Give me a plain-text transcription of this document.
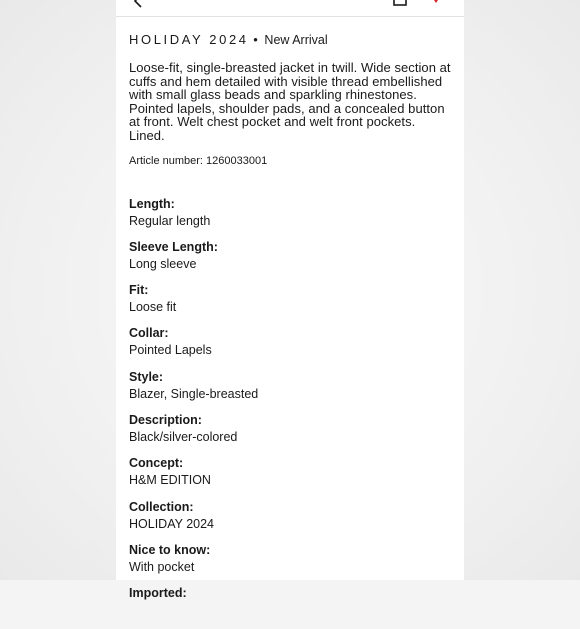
HOLIDAY 2024 • New Arrival

Loose-fit, single-breasted jacket in twill. Wide section at cuffs and hem detailed with visible thread embellished with small glass beads and sparkling rhinestones. Pointed lapels, shoulder pads, and a concealed button at front. Welt chest pocket and welt front pockets. Lined.

Article number: 1260033001

Length:
Regular length
Sleeve Length:
Long sleeve
Fit:
Loose fit
Collar:
Pointed Lapels
Style:
Blazer, Single-breasted
Description:
Black/silver-colored
Concept:
H&M EDITION
Collection:
HOLIDAY 2024
Nice to know:
With pocket
Imported:
